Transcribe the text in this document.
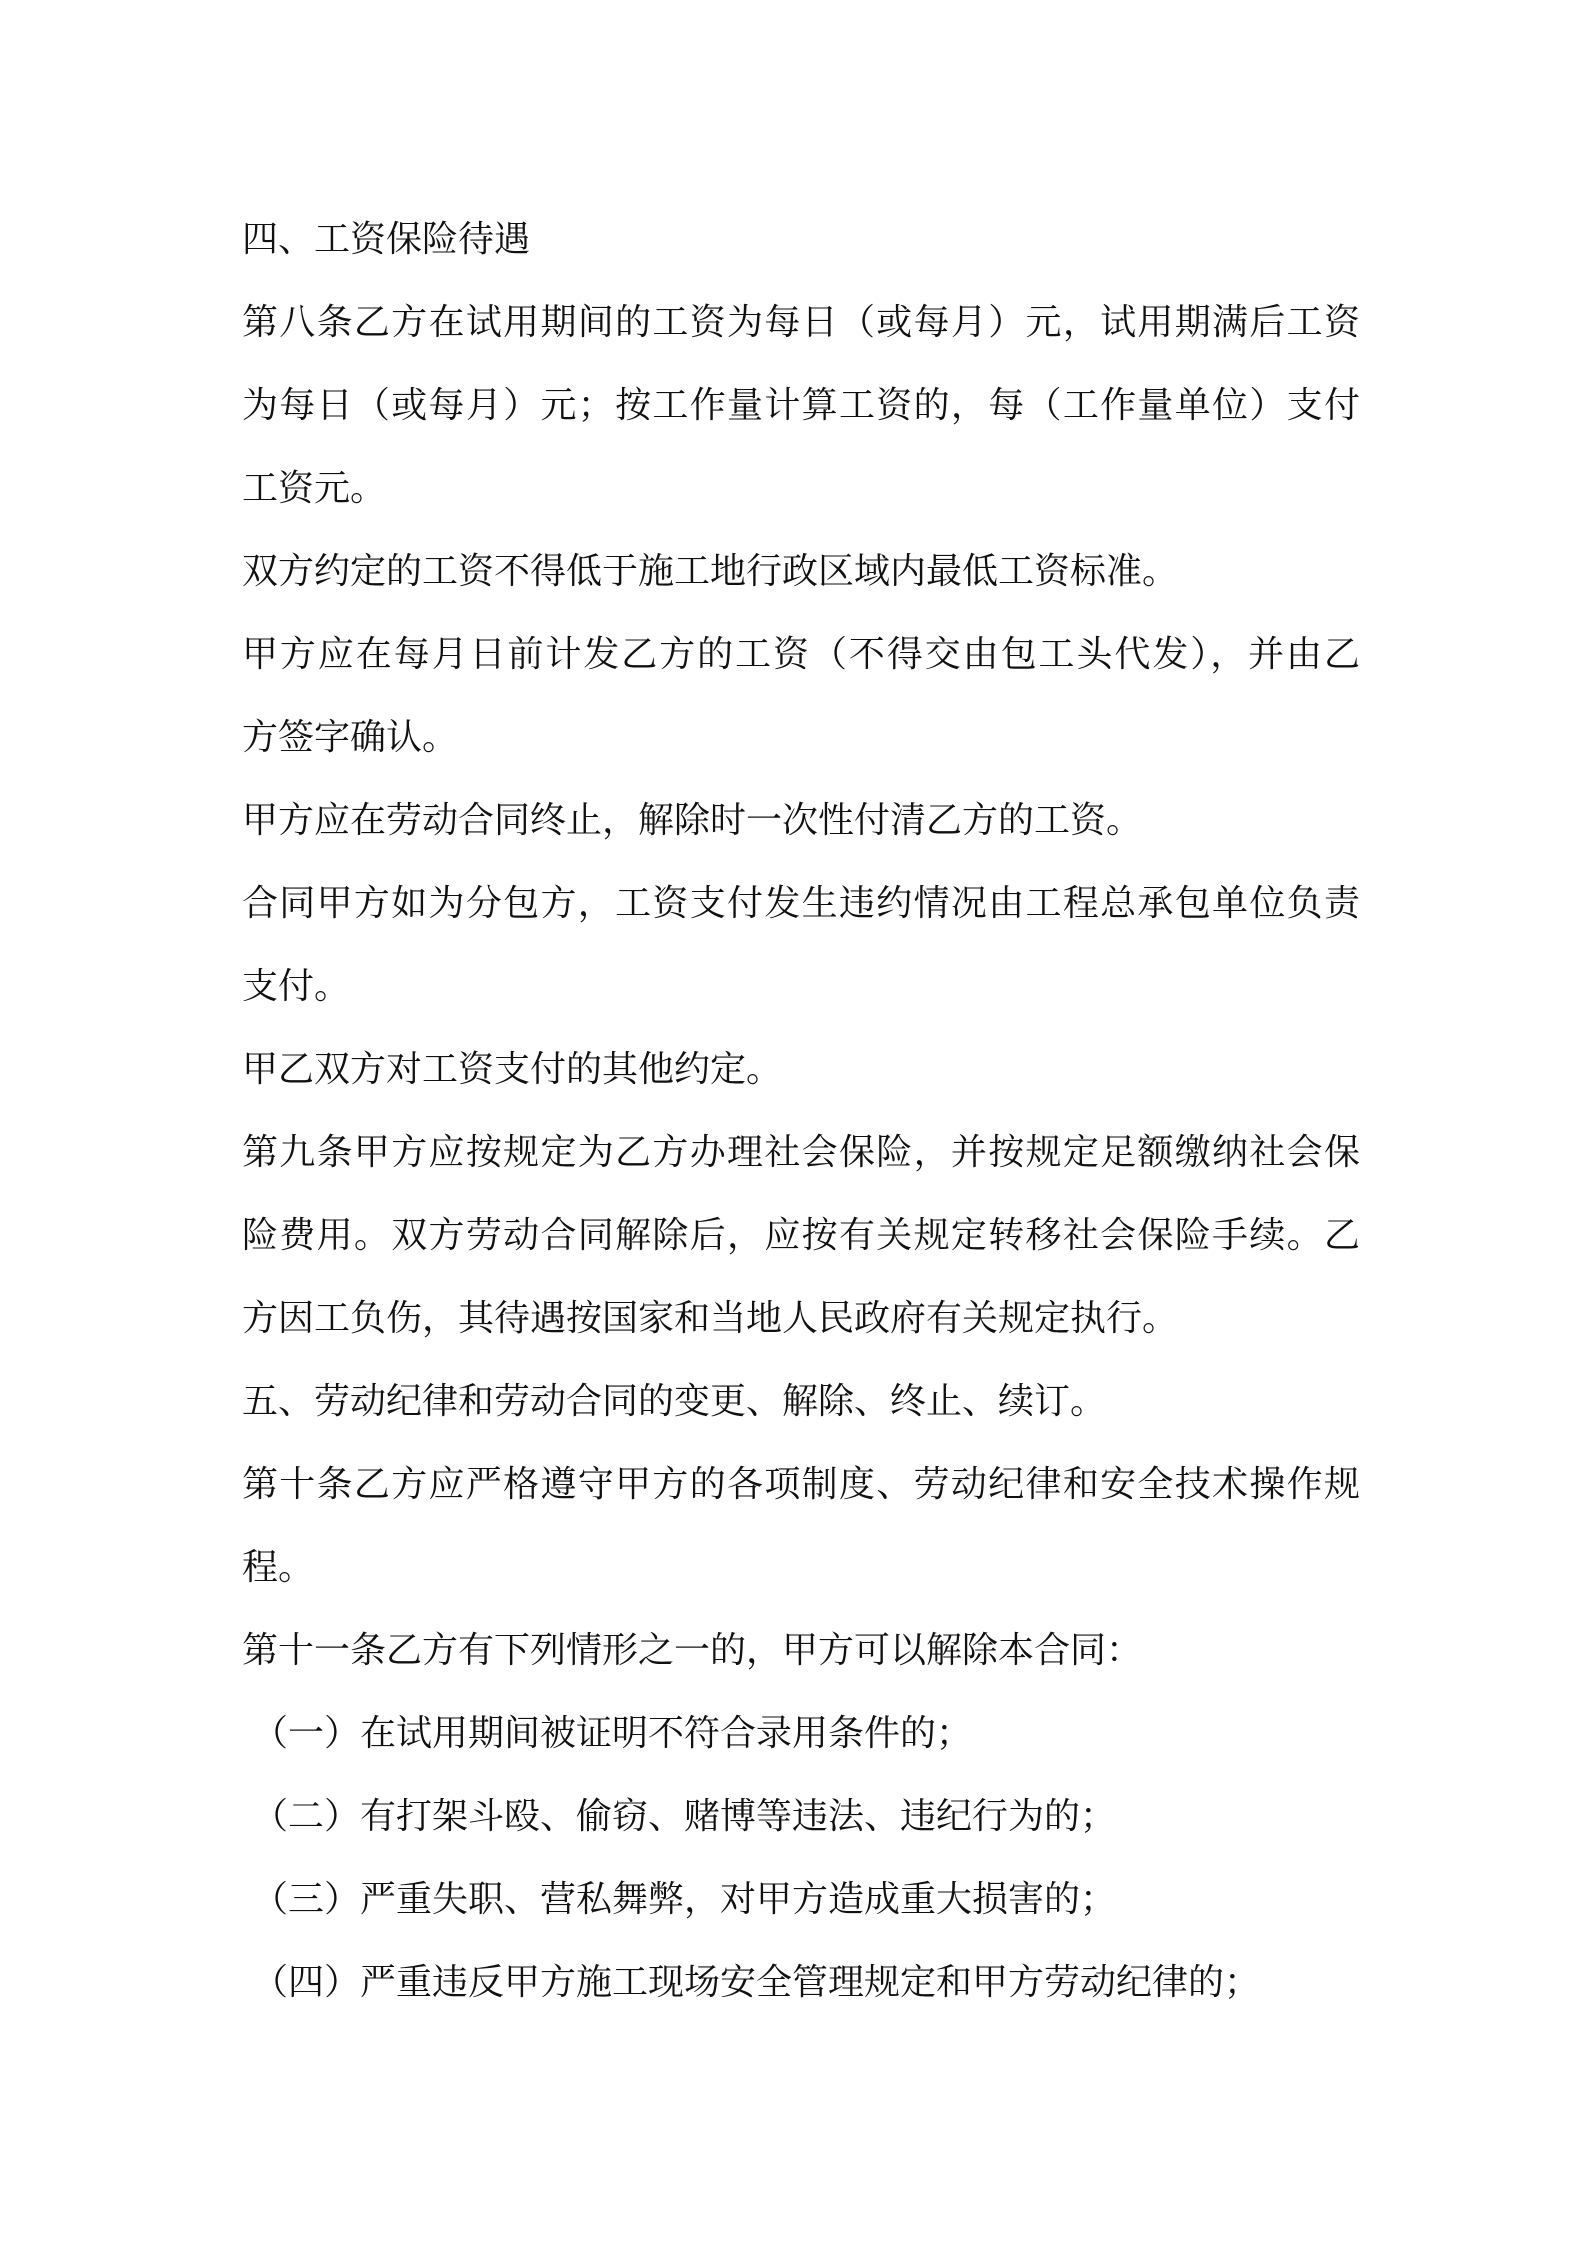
四、工资保险待遇
第八条乙方在试用期间的工资为每日（或每月）元，试用期满后工资
为每日（或每月）元；按工作量计算工资的，每（工作量单位）支付
工资元。
双方约定的工资不得低于施工地行政区域内最低工资标准。
甲方应在每月日前计发乙方的工资（不得交由包工头代发），并由乙
方签字确认。
甲方应在劳动合同终止，解除时一次性付清乙方的工资。
合同甲方如为分包方，工资支付发生违约情况由工程总承包单位负责
支付。
甲乙双方对工资支付的其他约定。
第九条甲方应按规定为乙方办理社会保险，并按规定足额缴纳社会保
险费用。双方劳动合同解除后，应按有关规定转移社会保险手续。乙
方因工负伤，其待遇按国家和当地人民政府有关规定执行。
五、劳动纪律和劳动合同的变更、解除、终止、续订。
第十条乙方应严格遵守甲方的各项制度、劳动纪律和安全技术操作规
程。
第十一条乙方有下列情形之一的，甲方可以解除本合同：
（一）在试用期间被证明不符合录用条件的；
（二）有打架斗殴、偷窃、赌博等违法、违纪行为的；
（三）严重失职、营私舞弊，对甲方造成重大损害的；
（四）严重违反甲方施工现场安全管理规定和甲方劳动纪律的；
